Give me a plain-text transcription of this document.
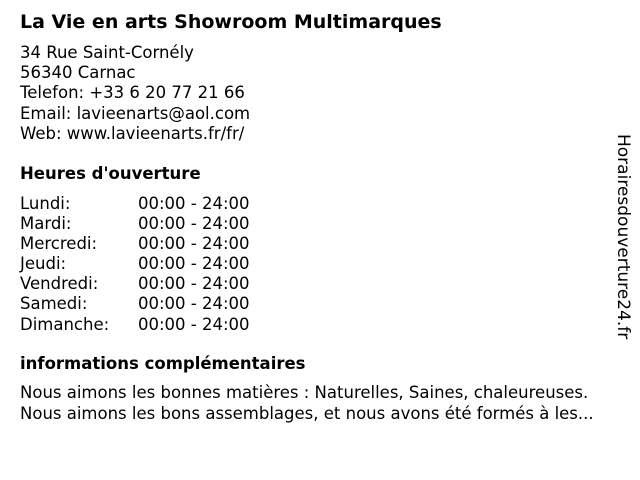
La Vie en arts Showroom Multimarques
34 Rue Saint-Cornély
56340 Carnac
Telefon: +33 6 20 77 21 66
Email: lavieenarts@aol.com
Web: www.lavieenarts.fr/fr/
Heures d'ouverture
Lundi:	00:00 - 24:00
Mardi:	00:00 - 24:00
Mercredi:	00:00 - 24:00
Jeudi:	00:00 - 24:00
Vendredi:	00:00 - 24:00
Samedi:	00:00 - 24:00
Dimanche:	00:00 - 24:00
informations complémentaires
Nous aimons les bonnes matières : Naturelles, Saines, chaleureuses.
Nous aimons les bons assemblages, et nous avons été formés à les...
Horairesdouverture24.fr
